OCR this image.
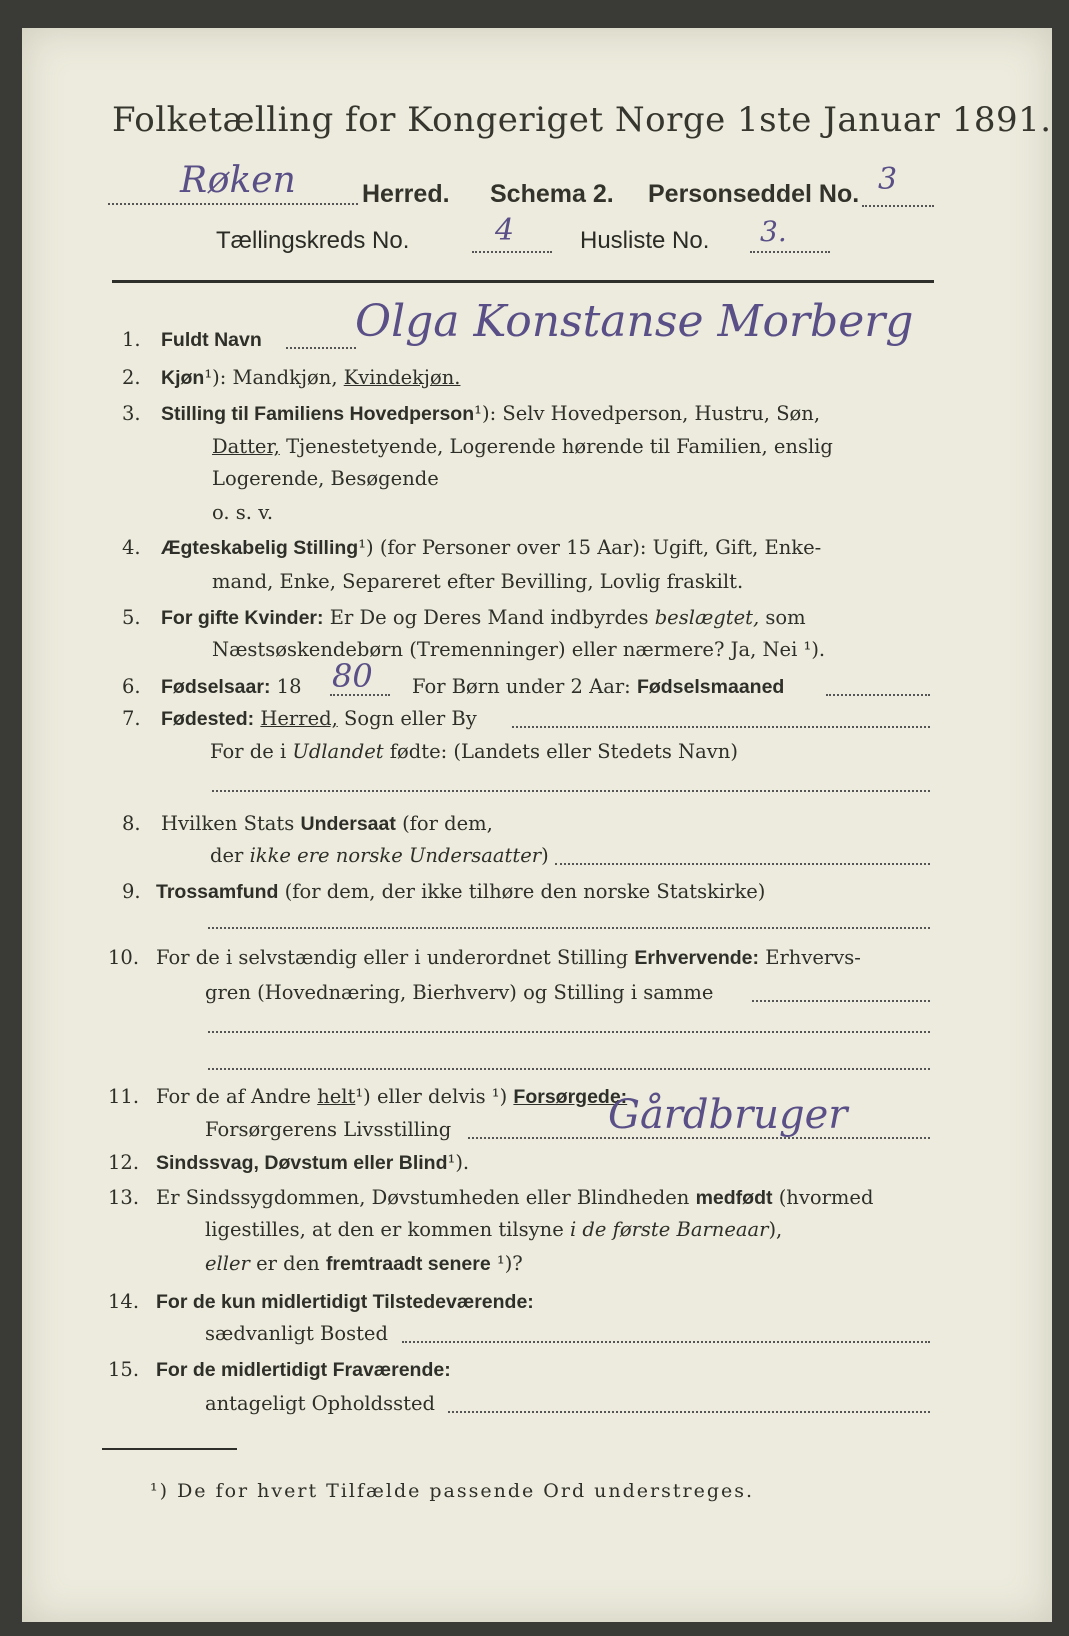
Folketælling for Kongeriget Norge 1ste Januar 1891.
Røken	Herred. Schema 2. Personseddel No. 3
Tællingskreds No.	4	Husliste No. 3.
1. Fuldt Navn Olga Konstanse Morberg
2. Kjøn¹): Mandkjøn, Kvindekjøn.
3. Stilling til Familiens Hovedperson¹): Selv Hovedperson, Hustru, Søn,
Datter, Tjenestetyende, Logerende hørende til Familien, enslig
Logerende, Besøgende
o. s. v.
4. Ægteskabelig Stilling¹) (for Personer over 15 Aar): Ugift, Gift, Enke-
mand, Enke, Separeret efter Bevilling, Lovlig fraskilt.
5. For gifte Kvinder: Er De og Deres Mand indbyrdes beslægtet, som
Næstsøskendebørn (Tremenninger) eller nærmere? Ja, Nei ¹).
6. Fødselsaar: 18 80 For Børn under 2 Aar: Fødselsmaaned
7. Fødested: Herred, Sogn eller By
For de i Udlandet fødte: (Landets eller Stedets Navn)
8. Hvilken Stats Undersaat (for dem,
der ikke ere norske Undersaatter)
9. Trossamfund (for dem, der ikke tilhøre den norske Statskirke)
10. For de i selvstændig eller i underordnet Stilling Erhvervende: Erhvervs-
gren (Hovednæring, Bierhverv) og Stilling i samme
11. For de af Andre helt¹) eller delvis ¹) Forsørgede:
Forsørgerens Livsstilling	Gårdbruger
12. Sindssvag, Døvstum eller Blind¹).
13. Er Sindssygdommen, Døvstumheden eller Blindheden medfødt (hvormed
ligestilles, at den er kommen tilsyne i de første Barneaar),
eller er den fremtraadt senere ¹)?
14. For de kun midlertidigt Tilstedeværende:
sædvanligt Bosted
15. For de midlertidigt Fraværende:
antageligt Opholdssted
¹) De for hvert Tilfælde passende Ord understreges.
